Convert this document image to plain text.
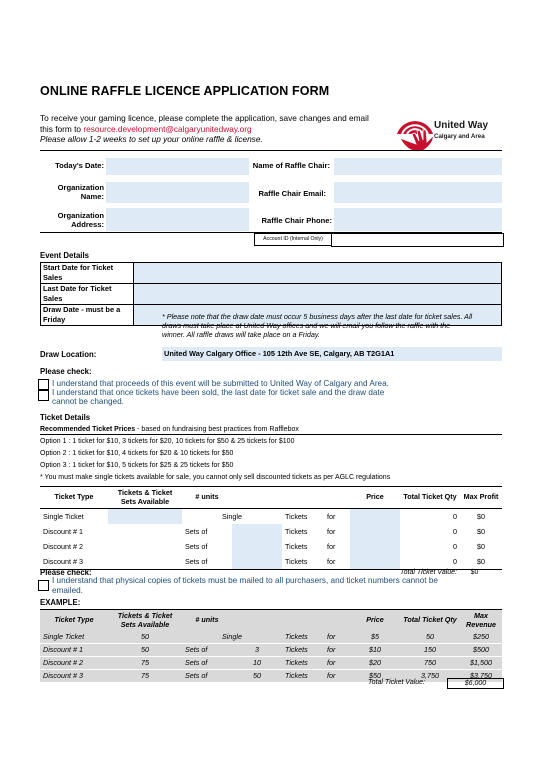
ONLINE RAFFLE LICENCE APPLICATION FORM
To receive your gaming licence, please complete the application, save changes and email
this form to resource.development@calgaryunitedway.org
Please allow 1-2 weeks to set up your online raffle & license.
United Way
Calgary and Area
Today's Date:	Name of Raffle Chair:
Organization
Name:	Raffle Chair Email:
Organization
Address:	Raffle Chair Phone:
Account ID (Internal Only)
Event Details
Start Date for Ticket Sales	
Last Date for Ticket Sales	
Draw Date - must be a Friday		* Please note that the draw date must occur 5 business days after the last date for ticket sales. All
draws must take place at United Way offices and we will email you follow the raffle with the
winner. All raffle draws will take place on a Friday.
Draw Location:	United Way Calgary Office - 105 12th Ave SE, Calgary, AB T2G1A1
Please check:
I understand that proceeds of this event will be submitted to United Way of Calgary and Area.
I understand that once tickets have been sold, the last date for ticket sale and the draw date
cannot be changed.
Ticket Details
Recommended Ticket Prices - based on fundraising best practices from Rafflebox
Option 1 : 1 ticket for $10, 3 tickets for $20, 10 tickets for $50 & 25 tickets for $100
Option 2 : 1 ticket for $10, 4 tickets for $20 & 10 tickets for $50
Option 3 : 1 ticket for $10, 5 tickets for $25 & 25 tickets for $50
* You must make single tickets available for sale, you cannot only sell discounted tickets as per AGLC regulations
Ticket Type	Tickets & Ticket Sets Available	# units				Price	Total Ticket Qty	Max Profit
Single Ticket		Single		Tickets	for		0	$0
Discount # 1		Sets of		Tickets	for		0	$0
Discount # 2		Sets of		Tickets	for		0	$0
Discount # 3		Sets of		Tickets	for		0	$0
Total Ticket Value:	$0
Please check:
I understand that physical copies of tickets must be mailed to all purchasers, and ticket numbers cannot be
emailed.
EXAMPLE:
Ticket Type	Tickets & Ticket Sets Available	# units				Price	Total Ticket Qty	Max Revenue
Single Ticket	50	Single		Tickets	for	$5	50	$250
Discount # 1	50	Sets of	3	Tickets	for	$10	150	$500
Discount # 2	75	Sets of	10	Tickets	for	$20	750	$1,500
Discount # 3	75	Sets of	50	Tickets	for	$50	3,750	$3,750
Total Ticket Value:	$6,000
